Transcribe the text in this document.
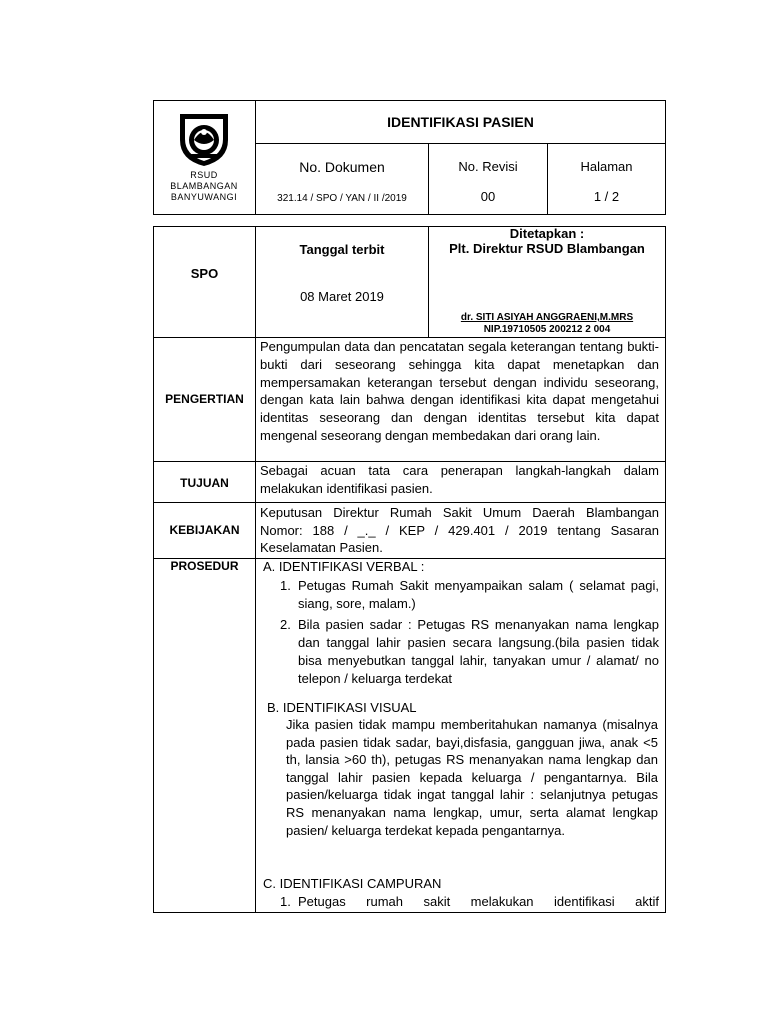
RSUD
BLAMBANGAN
BANYUWANGI
IDENTIFIKASI PASIEN
No. Dokumen
321.14 / SPO / YAN / II /2019
No. Revisi
00
Halaman
1 / 2
SPO
Tanggal terbit
08 Maret 2019
Ditetapkan :
Plt. Direktur RSUD Blambangan
dr. SITI ASIYAH ANGGRAENI,M.MRS
NIP.19710505 200212 2 004
PENGERTIAN
Pengumpulan data dan pencatatan segala keterangan tentang bukti-bukti dari seseorang sehingga kita dapat menetapkan dan mempersamakan keterangan tersebut dengan individu seseorang, dengan kata lain bahwa dengan identifikasi kita dapat mengetahui identitas seseorang dan dengan identitas tersebut kita dapat mengenal seseorang dengan membedakan dari orang lain.
TUJUAN
Sebagai acuan tata cara penerapan langkah-langkah dalam melakukan identifikasi pasien.
KEBIJAKAN
Keputusan Direktur Rumah Sakit Umum Daerah Blambangan Nomor: 188 / _._ / KEP / 429.401 / 2019 tentang Sasaran Keselamatan Pasien.
PROSEDUR	A. IDENTIFIKASI VERBAL :
1. Petugas Rumah Sakit menyampaikan salam ( selamat pagi, siang, sore, malam.)
2. Bila pasien sadar : Petugas RS menanyakan nama lengkap dan tanggal lahir pasien secara langsung.(bila pasien tidak bisa menyebutkan tanggal lahir, tanyakan umur / alamat/ no telepon / keluarga terdekat
B. IDENTIFIKASI VISUAL
Jika pasien tidak mampu memberitahukan namanya (misalnya pada pasien tidak sadar, bayi,disfasia, gangguan jiwa, anak <5 th, lansia >60 th), petugas RS menanyakan nama lengkap dan tanggal lahir pasien kepada keluarga / pengantarnya. Bila pasien/keluarga tidak ingat tanggal lahir : selanjutnya petugas RS menanyakan nama lengkap, umur, serta alamat lengkap pasien/ keluarga terdekat kepada pengantarnya.
C. IDENTIFIKASI CAMPURAN
1. Petugas rumah sakit melakukan identifikasi aktif
